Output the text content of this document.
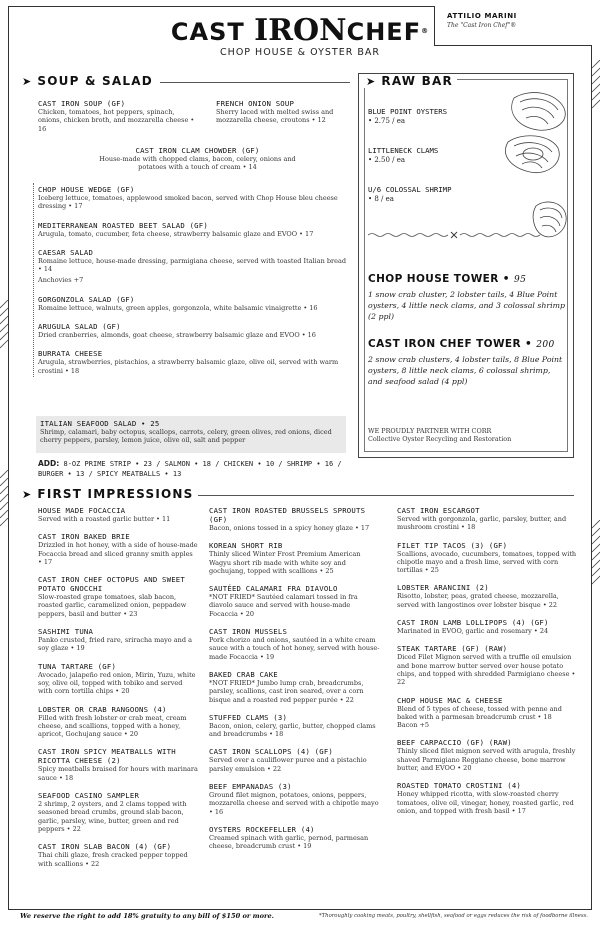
ATTILIO MARINI
The "Cast Iron Chef"®
CAST IRONCHEF®
CHOP HOUSE & OYSTER BAR
➤ SOUP & SALAD
CAST IRON SOUP (GF)
Chicken, tomatoes, hot peppers, spinach, onions, chicken broth, and mozzarella cheese • 16
FRENCH ONION SOUP
Sherry laced with melted swiss and mozzarella cheese, croutons • 12
CAST IRON CLAM CHOWDER (GF)
House-made with chopped clams, bacon, celery, onions and potatoes with a touch of cream • 14
CHOP HOUSE WEDGE (GF)
Iceberg lettuce, tomatoes, applewood smoked bacon, served with Chop House bleu cheese dressing • 17
MEDITERRANEAN ROASTED BEET SALAD (GF)
Arugula, tomato, cucumber, feta cheese, strawberry balsamic glaze and EVOO • 17
CAESAR SALAD
Romaine lettuce, house-made dressing, parmigiana cheese, served with toasted Italian bread • 14
Anchovies +7
GORGONZOLA SALAD (GF)
Romaine lettuce, walnuts, green apples, gorgonzola, white balsamic vinaigrette • 16
ARUGULA SALAD (GF)
Dried cranberries, almonds, goat cheese, strawberry balsamic glaze and EVOO • 16
BURRATA CHEESE
Arugula, strawberries, pistachios, a strawberry balsamic glaze, olive oil, served with warm crostini • 18
ITALIAN SEAFOOD SALAD • 25
Shrimp, calamari, baby octopus, scallops, carrots, celery, green olives, red onions, diced cherry peppers, parsley, lemon juice, olive oil, salt and pepper
ADD: 8-OZ PRIME STRIP • 23 / SALMON • 18 / CHICKEN • 10 / SHRIMP • 16 / BURGER • 13 / SPICY MEATBALLS • 13
➤ RAW BAR
BLUE POINT OYSTERS
• 2.75 / ea
LITTLENECK CLAMS
• 2.50 / ea
U/6 COLOSSAL SHRIMP
• 8 / ea
CHOP HOUSE TOWER • 95
1 snow crab cluster, 2 lobster tails, 4 Blue Point oysters, 4 little neck clams, and 3 colossal shrimp (2 ppl)
CAST IRON CHEF TOWER • 200
2 snow crab clusters, 4 lobster tails, 8 Blue Point oysters, 8 little neck clams, 6 colossal shrimp, and seafood salad (4 ppl)
WE PROUDLY PARTNER WITH CORR
Collective Oyster Recycling and Restoration
➤ FIRST IMPRESSIONS
HOUSE MADE FOCACCIA
Served with a roasted garlic butter • 11
CAST IRON BAKED BRIE
Drizzled in hot honey, with a side of house-made Focaccia bread and sliced granny smith apples • 17
CAST IRON CHEF OCTOPUS AND SWEET POTATO GNOCCHI
Slow-roasted grape tomatoes, slab bacon, roasted garlic, caramelized onion, peppadew peppers, basil and butter • 23
SASHIMI TUNA
Panko crusted, fried rare, sriracha mayo and a soy glaze • 19
TUNA TARTARE (GF)
Avocado, jalapeño red onion, Mirin, Yuzu, white soy, olive oil, topped with tobiko and served with corn tortilla chips • 20
LOBSTER OR CRAB RANGOONS (4)
Filled with fresh lobster or crab meat, cream cheese, and scallions, topped with a honey, apricot, Gochujang sauce • 20
CAST IRON SPICY MEATBALLS WITH RICOTTA CHEESE (2)
Spicy meatballs braised for hours with marinara sauce • 18
SEAFOOD CASINO SAMPLER
2 shrimp, 2 oysters, and 2 clams topped with seasoned bread crumbs, ground slab bacon, garlic, parsley, wine, butter, green and red peppers • 22
CAST IRON SLAB BACON (4) (GF)
Thai chili glaze, fresh cracked pepper topped with scallions • 22
CAST IRON ROASTED BRUSSELS SPROUTS (GF)
Bacon, onions tossed in a spicy honey glaze • 17
KOREAN SHORT RIB
Thinly sliced Winter Frost Premium American Wagyu short rib made with white soy and gochujang, topped with scallions • 25
SAUTÉED CALAMARI FRA DIAVOLO
*NOT FRIED* Sautéed calamari tossed in fra diavolo sauce and served with house-made Focaccia • 20
CAST IRON MUSSELS
Pork chorizo and onions, sautéed in a white cream sauce with a touch of hot honey, served with house-made Focaccia • 19
BAKED CRAB CAKE
*NOT FRIED* Jumbo lump crab, breadcrumbs, parsley, scallions, cast iron seared, over a corn bisque and a roasted red pepper purée • 22
STUFFED CLAMS (3)
Bacon, onion, celery, garlic, butter, chopped clams and breadcrumbs • 18
CAST IRON SCALLOPS (4) (GF)
Served over a cauliflower puree and a pistachio parsley emulsion • 22
BEEF EMPANADAS (3)
Ground filet mignon, potatoes, onions, peppers, mozzarella cheese and served with a chipotle mayo • 16
OYSTERS ROCKEFELLER (4)
Creamed spinach with garlic, pernod, parmesan cheese, breadcrumb crust • 19
CAST IRON ESCARGOT
Served with gorgonzola, garlic, parsley, butter, and mushroom crostini • 18
FILET TIP TACOS (3) (GF)
Scallions, avocado, cucumbers, tomatoes, topped with chipotle mayo and a fresh lime, served with corn tortillas • 25
LOBSTER ARANCINI (2)
Risotto, lobster, peas, grated cheese, mozzarella, served with langostinos over lobster bisque • 22
CAST IRON LAMB LOLLIPOPS (4) (GF)
Marinated in EVOO, garlic and rosemary • 24
STEAK TARTARE (GF) (RAW)
Diced Filet Mignon served with a truffle oil emulsion and bone marrow butter served over house potato chips, and topped with shredded Parmigiano cheese • 22
CHOP HOUSE MAC & CHEESE
Blend of 5 types of cheese, tossed with penne and baked with a parmesan breadcrumb crust • 18
Bacon +5
BEEF CARPACCIO (GF) (RAW)
Thinly sliced filet mignon served with arugula, freshly shaved Parmigiano Reggiano cheese, bone marrow butter, and EVOO • 20
ROASTED TOMATO CROSTINI (4)
Honey whipped ricotta, with slow-roasted cherry tomatoes, olive oil, vinegar, honey, roasted garlic, red onion, and topped with fresh basil • 17
We reserve the right to add 18% gratuity to any bill of $150 or more.	*Thoroughly cooking meats, poultry, shellfish, seafood or eggs reduces the risk of foodborne illness.
